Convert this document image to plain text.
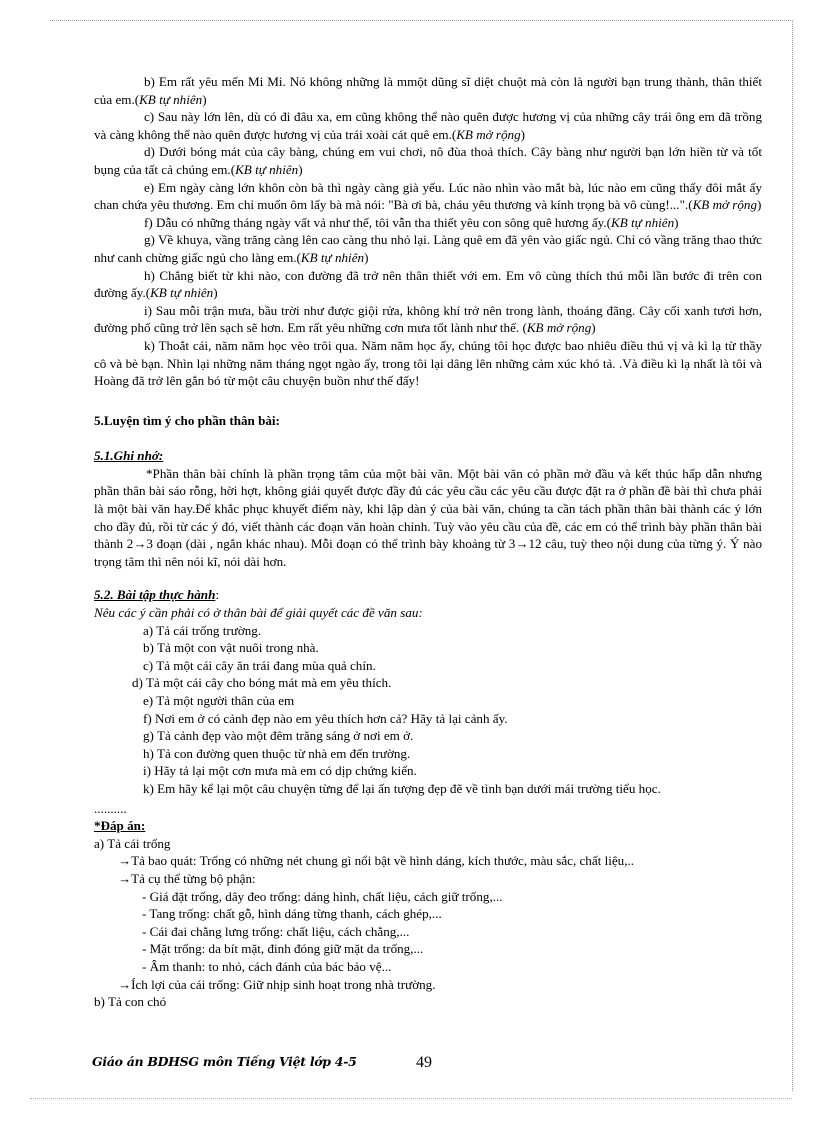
b) Em rất yêu mến Mi Mi. Nó không những là mmột dũng sĩ diệt chuột mà còn là người bạn trung thành, thân thiết của em.(KB tự nhiên)

c) Sau này lớn lên, dù có đi đâu xa, em cũng không thể nào quên được hương vị của những cây trái ông em đã trồng và càng không thể nào quên được hương vị của trái xoài cát quê em.(KB mở rộng)

d) Dưới bóng mát của cây bàng, chúng em vui chơi, nô đùa thoả thích. Cây bàng như người bạn lớn hiền từ và tốt bụng của tất cả chúng em.(KB tự nhiên)

e) Em ngày càng lớn khôn còn bà thì ngày càng già yếu. Lúc nào nhìn vào mắt bà, lúc nào em cũng thấy đôi mắt ấy chan chứa yêu thương. Em chỉ muốn ôm lấy bà mà nói: "Bà ơi bà, cháu yêu thương và kính trọng bà vô cùng!...".(KB mở rộng)

f) Dẫu có những tháng ngày vất vả như thế, tôi vẫn tha thiết yêu con sông quê hương ấy.(KB tự nhiên)

g) Về khuya, vầng trăng càng lên cao càng thu nhỏ lại. Làng quê em đã yên vào giấc ngủ. Chỉ có vầng trăng thao thức như canh chừng giấc ngủ cho làng em.(KB tự nhiên)

h) Chẳng biết từ khi nào, con đường đã trở nên thân thiết với em. Em vô cùng thích thú mỗi lần bước đi trên con đường ấy.(KB tự nhiên)

i) Sau mỗi trận mưa, bầu trời như được giội rửa, không khí trở nên trong lành, thoáng đãng. Cây cối xanh tươi hơn, đường phố cũng trở lên sạch sẽ hơn. Em rất yêu những cơn mưa tốt lành như thế. (KB mở rộng)

k) Thoắt cái, năm năm học vèo trôi qua. Năm năm học ấy, chúng tôi học được bao nhiêu điều thú vị và kì lạ từ thầy cô và bè bạn. Nhìn lại những năm tháng ngọt ngào ấy, trong tôi lại dâng lên những cảm xúc khó tả. .Và điều kì lạ nhất là tôi và Hoàng đã trở lên gắn bó từ một câu chuyện buồn như thế đấy!

5.Luyện tìm ý cho phần thân bài:

5.1.Ghi nhớ:

*Phần thân bài chính là phần trọng tâm của một bài văn. Một bài văn có phần mở đầu và kết thúc hấp dẫn nhưng phần thân bài sáo rỗng, hời hợt, không giải quyết được đầy đủ các yêu cầu các yêu cầu được đặt ra ở phần đề bài thì chưa phải là một bài văn hay.Để khắc phục khuyết điểm này, khi lập dàn ý của bài văn, chúng ta cần tách phần thân bài thành các ý lớn cho đầy đủ, rồi từ các ý đó, viết thành các đoạn văn hoàn chỉnh. Tuỳ vào yêu cầu của đề, các em có thể trình bày phần thân bài thành 2→3 đoạn (dài , ngắn khác nhau). Mỗi đoạn có thể trình bày khoảng từ 3→12 câu, tuỳ theo nội dung của từng ý. Ý nào trọng tâm thì nên nói kĩ, nói dài hơn.

5.2. Bài tập thực hành:

Nêu các ý cần phải có ở thân bài để giải quyết các đề văn sau:

a) Tả cái trống trường.

b) Tả một con vật nuôi trong nhà.

c) Tả một cái cây ăn trái đang mùa quả chín.

d) Tả một cái cây cho bóng mát mà em yêu thích.

e) Tả một người thân của em

f) Nơi em ở có cảnh đẹp nào em yêu thích hơn cả? Hãy tả lại cảnh ấy.

g) Tả cảnh đẹp vào một đêm trăng sáng ở nơi em ở.

h) Tả con đường quen thuộc từ nhà em đến trường.

i) Hãy tả lại một cơn mưa mà em có dịp chứng kiến.

k) Em hãy kể lại một câu chuyện từng để lại ấn tượng đẹp đẽ về tình bạn dưới mái trường tiểu học.

..........

*Đáp án:

a) Tả cái trống

→Tả bao quát: Trống có những nét chung gì nổi bật về hình dáng, kích thước, màu sắc, chất liệu,..

→Tả cụ thể từng bộ phận:

- Giá đặt trống, dây đeo trống: dáng hình, chất liệu, cách giữ trống,...

- Tang trống: chất gỗ, hình dáng từng thanh, cách ghép,...

- Cái đai chằng lưng trống: chất liệu, cách chằng,...

- Mặt trống: da bít mặt, đinh đóng giữ mặt da trống,...

- Âm thanh: to nhỏ, cách đánh của bác bảo vệ...

→Ích lợi của cái trống: Giữ nhịp sinh hoạt trong nhà trường.

b) Tả con chó

Giáo án BDHSG môn Tiếng Việt lớp 4-5	49
